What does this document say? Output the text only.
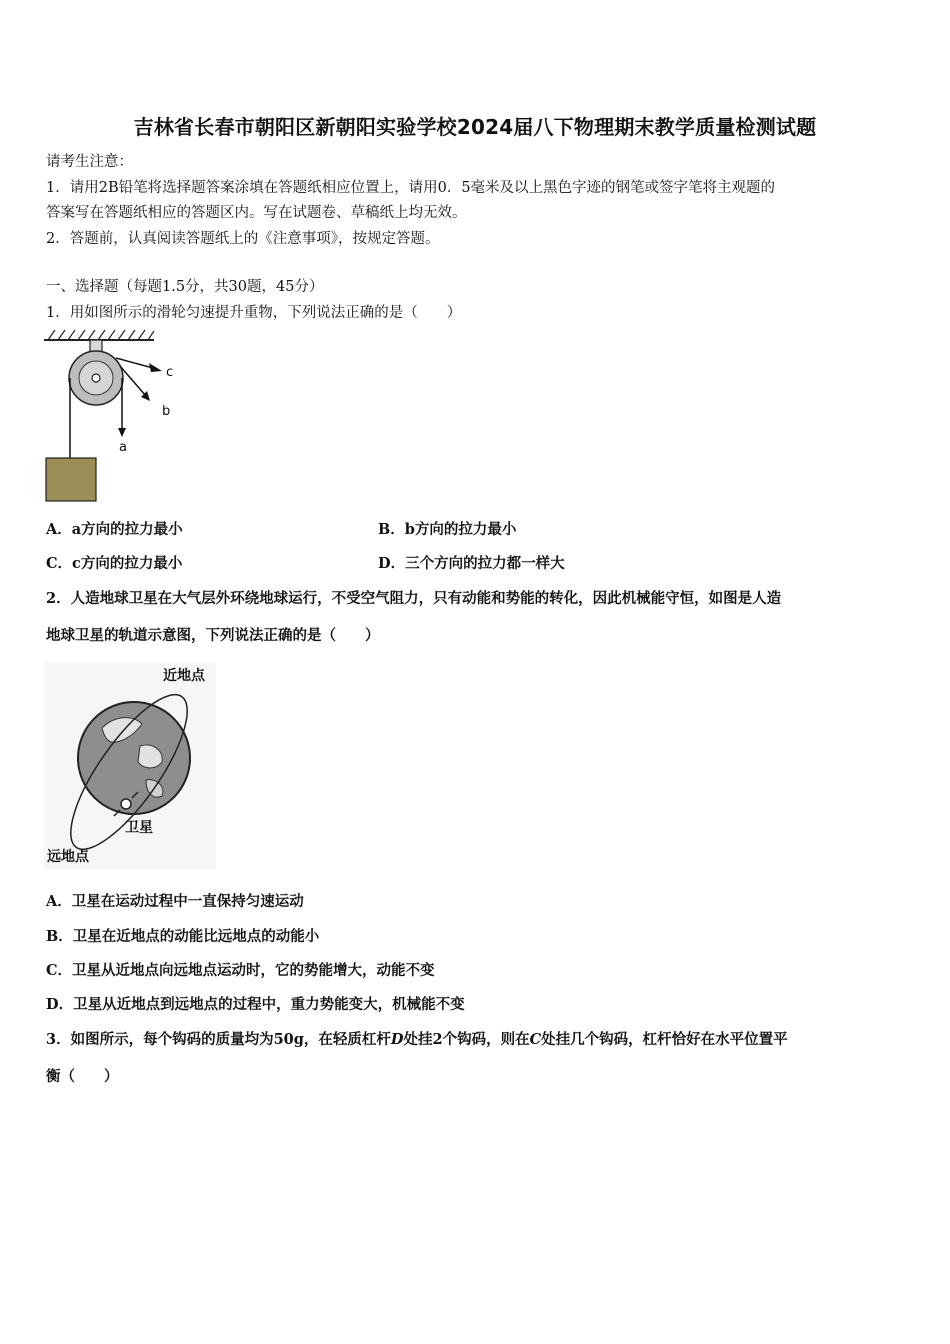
吉林省长春市朝阳区新朝阳实验学校2024届八下物理期末教学质量检测试题
请考生注意：
1．请用2B铅笔将选择题答案涂填在答题纸相应位置上，请用0．5毫米及以上黑色字迹的钢笔或签字笔将主观题的
答案写在答题纸相应的答题区内。写在试题卷、草稿纸上均无效。
2．答题前，认真阅读答题纸上的《注意事项》，按规定答题。
一、选择题（每题1.5分，共30题，45分）
1．用如图所示的滑轮匀速提升重物，下列说法正确的是（　　）
a
b
c
A．a方向的拉力最小	B．b方向的拉力最小
C．c方向的拉力最小	D．三个方向的拉力都一样大
2．人造地球卫星在大气层外环绕地球运行，不受空气阻力，只有动能和势能的转化，因此机械能守恒，如图是人造
地球卫星的轨道示意图，下列说法正确的是（　　）
近地点
卫星
远地点
A．卫星在运动过程中一直保持匀速运动
B．卫星在近地点的动能比远地点的动能小
C．卫星从近地点向远地点运动时，它的势能增大，动能不变
D．卫星从近地点到远地点的过程中，重力势能变大，机械能不变
3．如图所示，每个钩码的质量均为50g，在轻质杠杆D处挂2个钩码，则在C处挂几个钩码，杠杆恰好在水平位置平
衡（　　）
